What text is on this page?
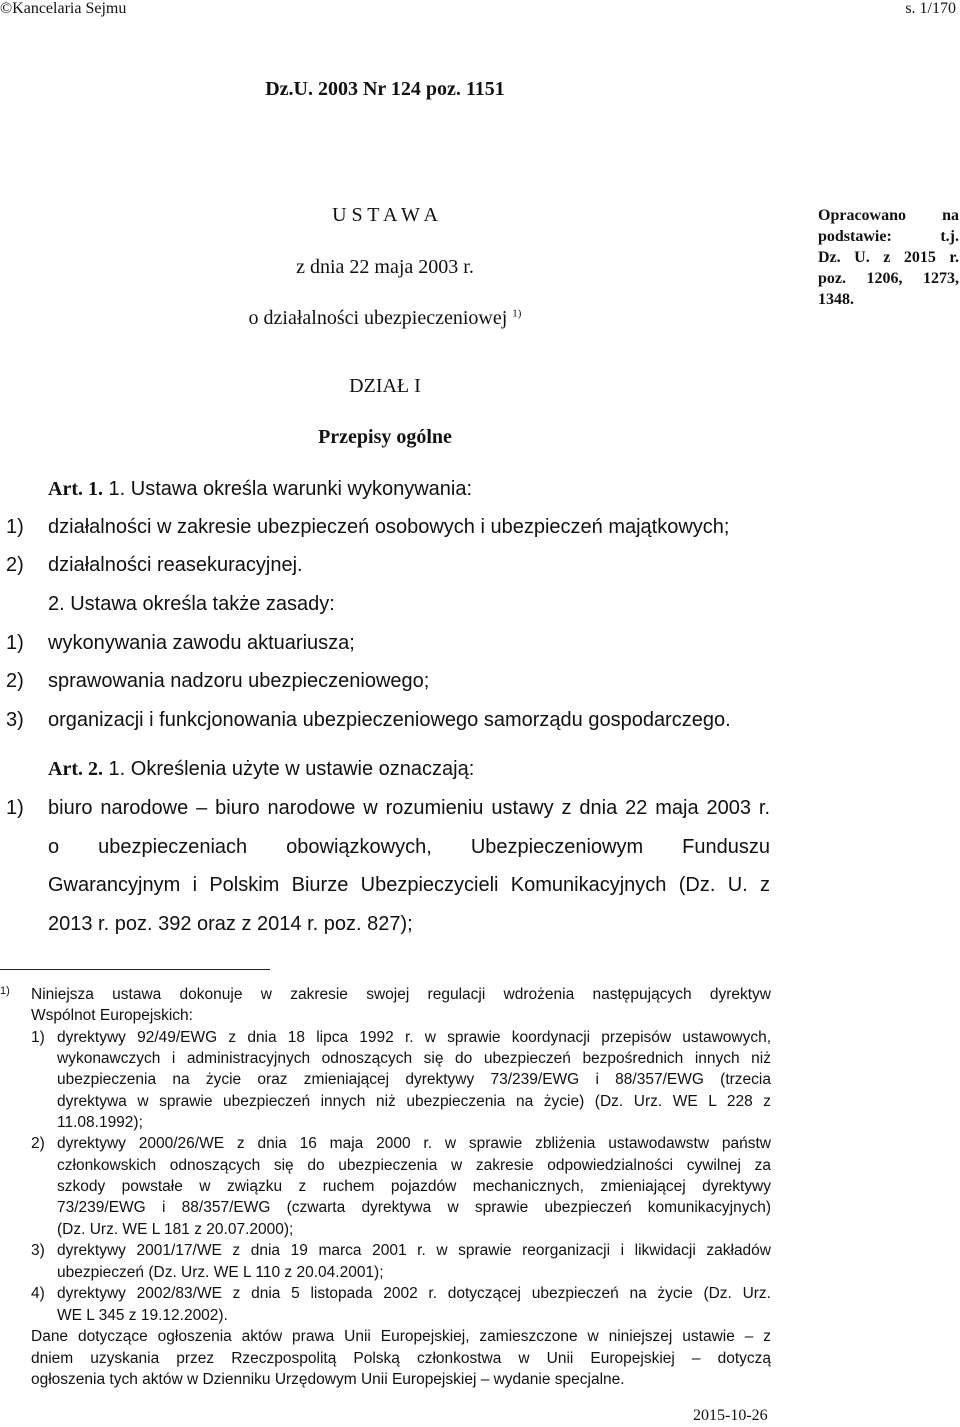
©Kancelaria Sejmu	s. 1/170
Dz.U. 2003 Nr 124 poz. 1151
U S T A W A
z dnia 22 maja 2003 r.
o działalności ubezpieczeniowej $^{1)}$
Opracowano na
podstawie: t.j.
Dz. U. z 2015 r.
poz. 1206, 1273,
1348.
DZIAŁ I
Przepisy ogólne
Art. 1. 1. Ustawa określa warunki wykonywania:
1) działalności w zakresie ubezpieczeń osobowych i ubezpieczeń majątkowych;
2) działalności reasekuracyjnej.
2. Ustawa określa także zasady:
1) wykonywania zawodu aktuariusza;
2) sprawowania nadzoru ubezpieczeniowego;
3) organizacji i funkcjonowania ubezpieczeniowego samorządu gospodarczego.
Art. 2. 1. Określenia użyte w ustawie oznaczają:
1) biuro narodowe – biuro narodowe w rozumieniu ustawy z dnia 22 maja 2003 r.
o ubezpieczeniach obowiązkowych, Ubezpieczeniowym Funduszu
Gwarancyjnym i Polskim Biurze Ubezpieczycieli Komunikacyjnych (Dz. U. z
2013 r. poz. 392 oraz z 2014 r. poz. 827);
1) Niniejsza ustawa dokonuje w zakresie swojej regulacji wdrożenia następujących dyrektyw
Wspólnot Europejskich:
1) dyrektywy 92/49/EWG z dnia 18 lipca 1992 r. w sprawie koordynacji przepisów ustawowych,
wykonawczych i administracyjnych odnoszących się do ubezpieczeń bezpośrednich innych niż
ubezpieczenia na życie oraz zmieniającej dyrektywy 73/239/EWG i 88/357/EWG (trzecia
dyrektywa w sprawie ubezpieczeń innych niż ubezpieczenia na życie) (Dz. Urz. WE L 228 z
11.08.1992);
2) dyrektywy 2000/26/WE z dnia 16 maja 2000 r. w sprawie zbliżenia ustawodawstw państw
członkowskich odnoszących się do ubezpieczenia w zakresie odpowiedzialności cywilnej za
szkody powstałe w związku z ruchem pojazdów mechanicznych, zmieniającej dyrektywy
73/239/EWG i 88/357/EWG (czwarta dyrektywa w sprawie ubezpieczeń komunikacyjnych)
(Dz. Urz. WE L 181 z 20.07.2000);
3) dyrektywy 2001/17/WE z dnia 19 marca 2001 r. w sprawie reorganizacji i likwidacji zakładów
ubezpieczeń (Dz. Urz. WE L 110 z 20.04.2001);
4) dyrektywy 2002/83/WE z dnia 5 listopada 2002 r. dotyczącej ubezpieczeń na życie (Dz. Urz.
WE L 345 z 19.12.2002).
Dane dotyczące ogłoszenia aktów prawa Unii Europejskiej, zamieszczone w niniejszej ustawie – z
dniem uzyskania przez Rzeczpospolitą Polską członkostwa w Unii Europejskiej – dotyczą
ogłoszenia tych aktów w Dzienniku Urzędowym Unii Europejskiej – wydanie specjalne.
2015-10-26
